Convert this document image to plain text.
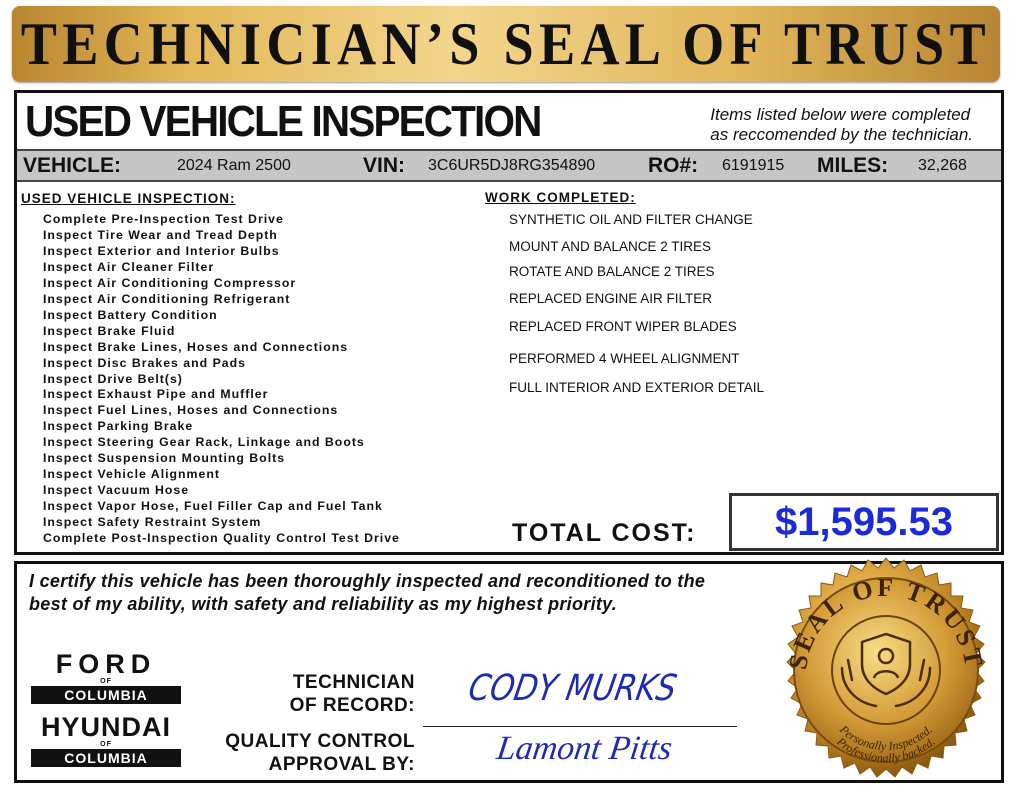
TECHNICIAN’S SEAL OF TRUST
USED VEHICLE INSPECTION	Items listed below were completed
as reccomended by the technician.
VEHICLE:	2024 Ram 2500	VIN: 3C6UR5DJ8RG354890	RO#: 6191915 MILES: 32,268
USED VEHICLE INSPECTION:
Complete Pre-Inspection Test Drive
Inspect Tire Wear and Tread Depth
Inspect Exterior and Interior Bulbs
Inspect Air Cleaner Filter
Inspect Air Conditioning Compressor
Inspect Air Conditioning Refrigerant
Inspect Battery Condition
Inspect Brake Fluid
Inspect Brake Lines, Hoses and Connections
Inspect Disc Brakes and Pads
Inspect Drive Belt(s)
Inspect Exhaust Pipe and Muffler
Inspect Fuel Lines, Hoses and Connections
Inspect Parking Brake
Inspect Steering Gear Rack, Linkage and Boots
Inspect Suspension Mounting Bolts
Inspect Vehicle Alignment
Inspect Vacuum Hose
Inspect Vapor Hose, Fuel Filler Cap and Fuel Tank
Inspect Safety Restraint System
Complete Post-Inspection Quality Control Test Drive
WORK COMPLETED:
SYNTHETIC OIL AND FILTER CHANGE
MOUNT AND BALANCE 2 TIRES
ROTATE AND BALANCE 2 TIRES
REPLACED ENGINE AIR FILTER
REPLACED FRONT WIPER BLADES
PERFORMED 4 WHEEL ALIGNMENT
FULL INTERIOR AND EXTERIOR DETAIL
TOTAL COST: $1,595.53
I certify this vehicle has been thoroughly inspected and reconditioned to the best of my ability, with safety and reliability as my highest priority.
FORD
OF
COLUMBIA
HYUNDAI
OF
COLUMBIA
TECHNICIAN
OF RECORD: CODY MURKS
QUALITY CONTROL
APPROVAL BY: Lamont Pitts
SEAL OF TRUST
Personally Inspected.
Professionally backed.
